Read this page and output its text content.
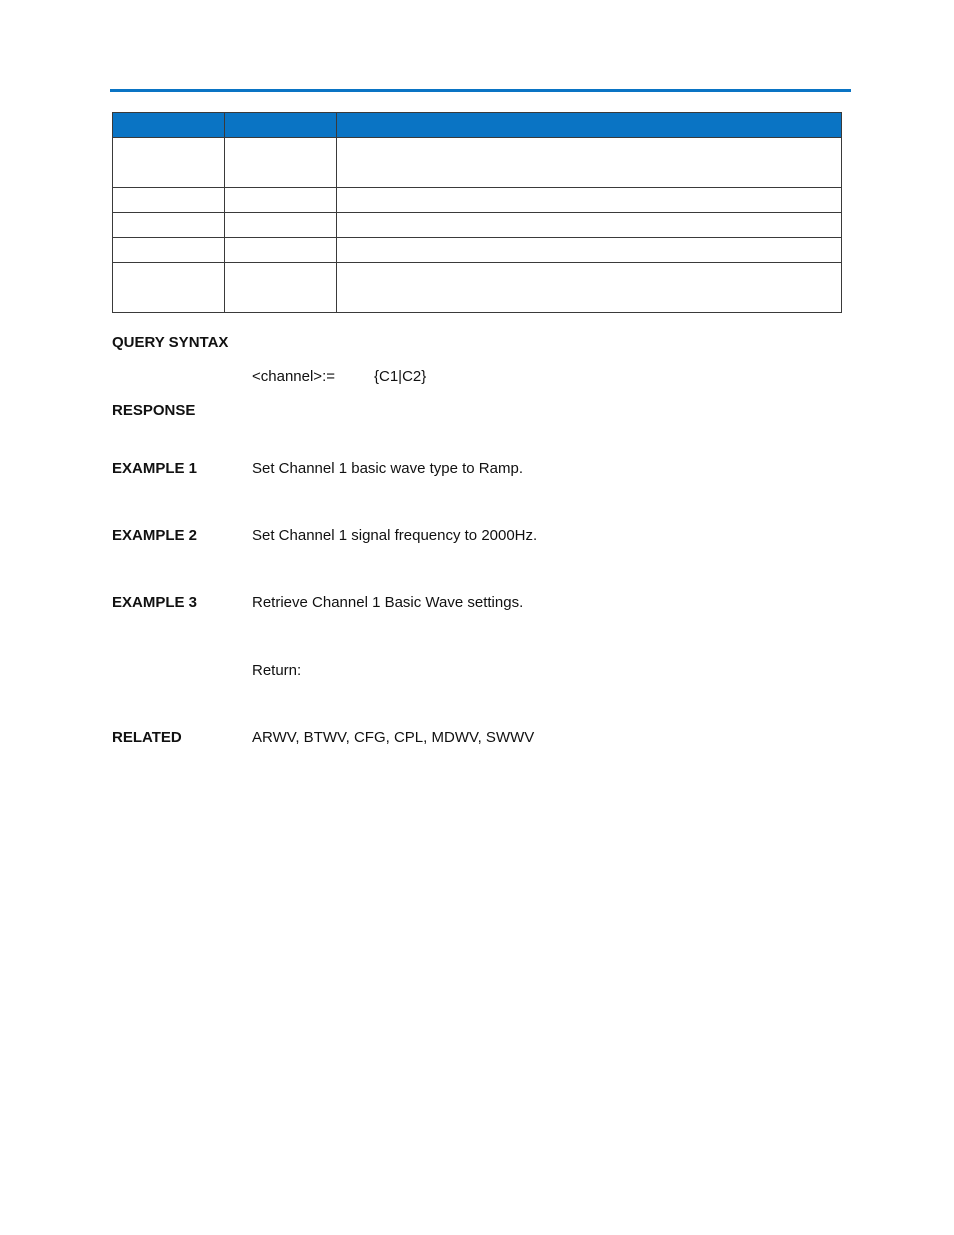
QUERY SYNTAX
<channel>:=	{C1|C2}
RESPONSE
EXAMPLE 1	Set Channel 1 basic wave type to Ramp.
EXAMPLE 2	Set Channel 1 signal frequency to 2000Hz.
EXAMPLE 3	Retrieve Channel 1 Basic Wave settings.
Return:
RELATED	ARWV, BTWV, CFG, CPL, MDWV, SWWV
